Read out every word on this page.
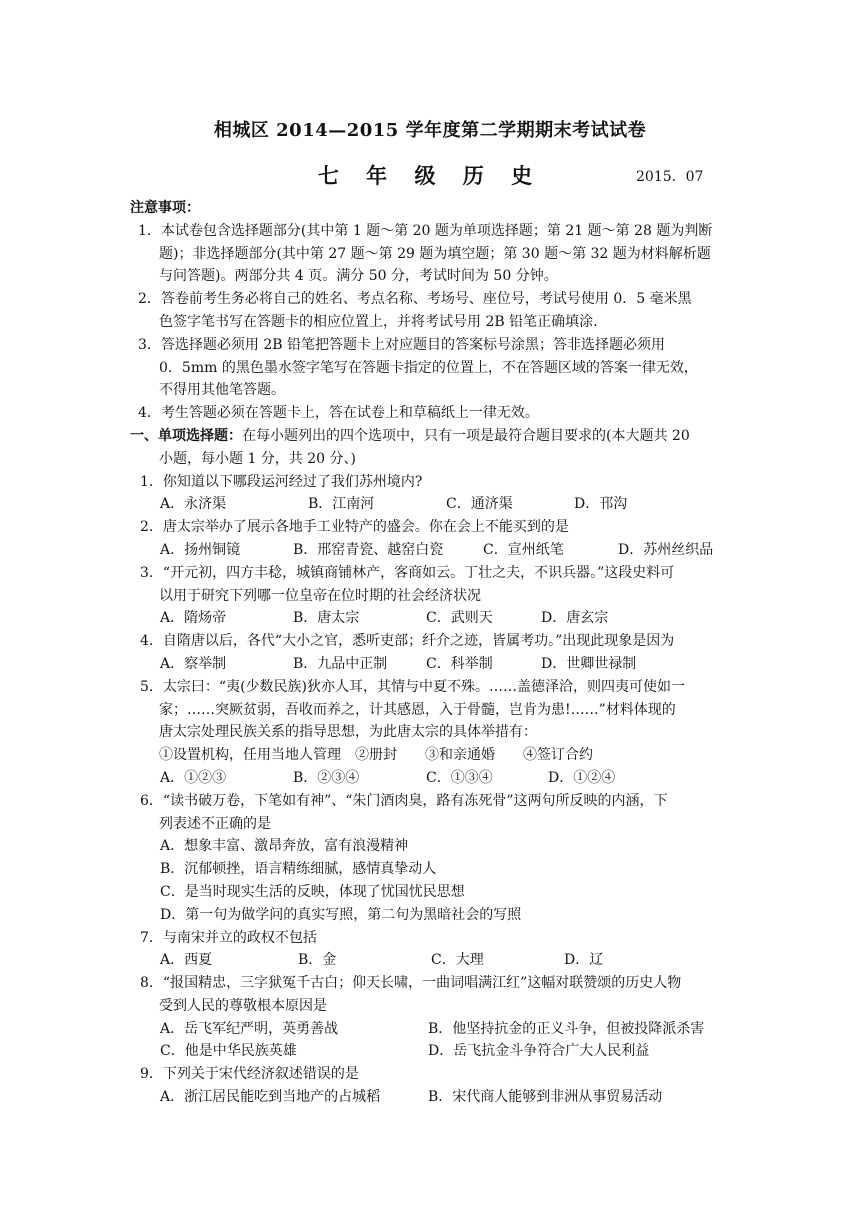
相城区 2014—2015 学年度第二学期期末考试试卷
七 年 级 历 史	2015．07
注意事项：
1．本试卷包含选择题部分(其中第 1 题～第 20 题为单项选择题；第 21 题～第 28 题为判断
题)；非选择题部分(其中第 27 题～第 29 题为填空题；第 30 题～第 32 题为材料解析题
与问答题)。两部分共 4 页。满分 50 分，考试时间为 50 分钟。
2．答卷前考生务必将自己的姓名、考点名称、考场号、座位号，考试号使用 0．5 毫米黑
色签字笔书写在答题卡的相应位置上，并将考试号用 2B 铅笔正确填涂.
3．答选择题必须用 2B 铅笔把答题卡上对应题目的答案标号涂黑；答非选择题必须用
0．5mm 的黑色墨水签字笔写在答题卡指定的位置上，不在答题区域的答案一律无效，
不得用其他笔答题。
4．考生答题必须在答题卡上，答在试卷上和草稿纸上一律无效。
一、单项选择题：在每小题列出的四个选项中，只有一项是最符合题目要求的(本大题共 20
小题，每小题 1 分，共 20 分、)
1．你知道以下哪段运河经过了我们苏州境内?
A．永济渠	B．江南河	C．通济渠	D．邗沟
2．唐太宗举办了展示各地手工业特产的盛会。你在会上不能买到的是
A．扬州铜镜	B．邢窑青瓷、越窑白瓷	C．宣州纸笔	D．苏州丝织品
3．“开元初，四方丰稔，城镇商铺林产，客商如云。丁壮之夫，不识兵器。”这段史料可
以用于研究下列哪一位皇帝在位时期的社会经济状况
A．隋炀帝	B．唐太宗	C．武则天	D．唐玄宗
4．自隋唐以后，各代“大小之官，悉听吏部；纤介之迹，皆属考功。”出现此现象是因为
A．察举制	B．九品中正制	C．科举制	D．世卿世禄制
5．太宗曰：“夷(少数民族)狄亦人耳，其情与中夏不殊。……盖德泽洽，则四夷可使如一
家；……突厥贫弱，吾收而养之，计其感恩，入于骨髓，岂肯为患!……”材料体现的
唐太宗处理民族关系的指导思想，为此唐太宗的具体举措有：
①设置机构，任用当地人管理　②册封　　③和亲通婚　　④签订合约
A．①②③	B．②③④	C．①③④	D．①②④
6．“读书破万卷，下笔如有神”、“朱门酒肉臭，路有冻死骨”这两句所反映的内涵，下
列表述不正确的是
A．想象丰富、激昂奔放，富有浪漫精神
B．沉郁顿挫，语言精练细腻，感情真挚动人
C．是当时现实生活的反映，体现了忧国忧民思想
D．第一句为做学问的真实写照，第二句为黑暗社会的写照
7．与南宋并立的政权不包括
A．西夏	B．金	C．大理	D．辽
8．“报国精忠，三字狱冤千古白；仰天长啸，一曲词唱满江红”这幅对联赞颂的历史人物
受到人民的尊敬根本原因是
A．岳飞军纪严明，英勇善战	B．他坚持抗金的正义斗争，但被投降派杀害
C．他是中华民族英雄	D．岳飞抗金斗争符合广大人民利益
9．下列关于宋代经济叙述错误的是
A．浙江居民能吃到当地产的占城稻	B．宋代商人能够到非洲从事贸易活动
